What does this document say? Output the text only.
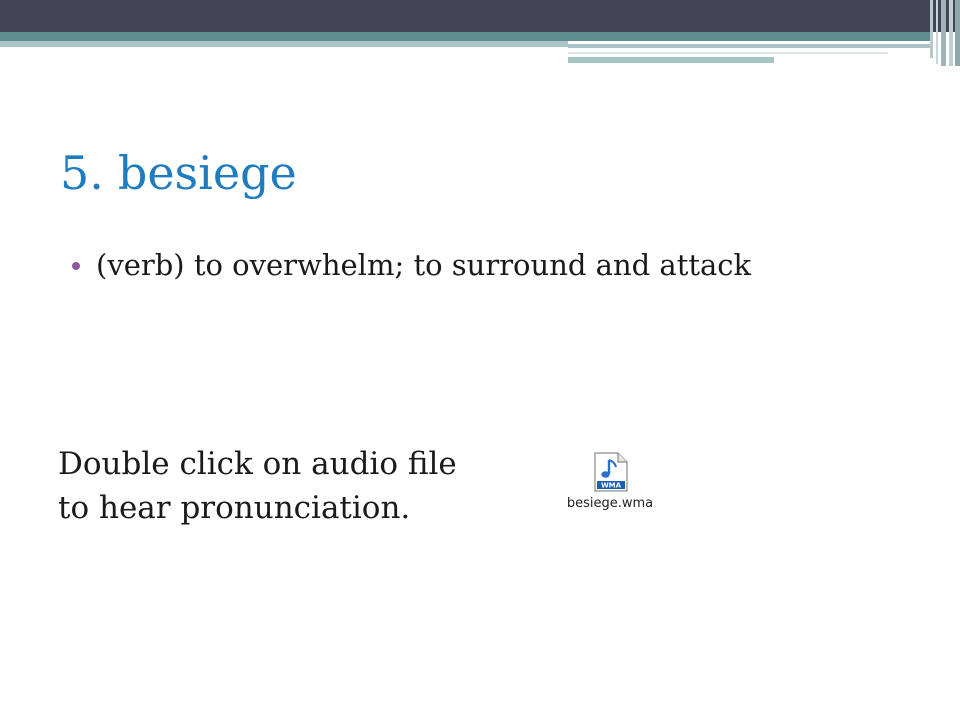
5. besiege
(verb) to overwhelm; to surround and attack
Double click on audio file
to hear pronunciation.
WMA
besiege.wma
